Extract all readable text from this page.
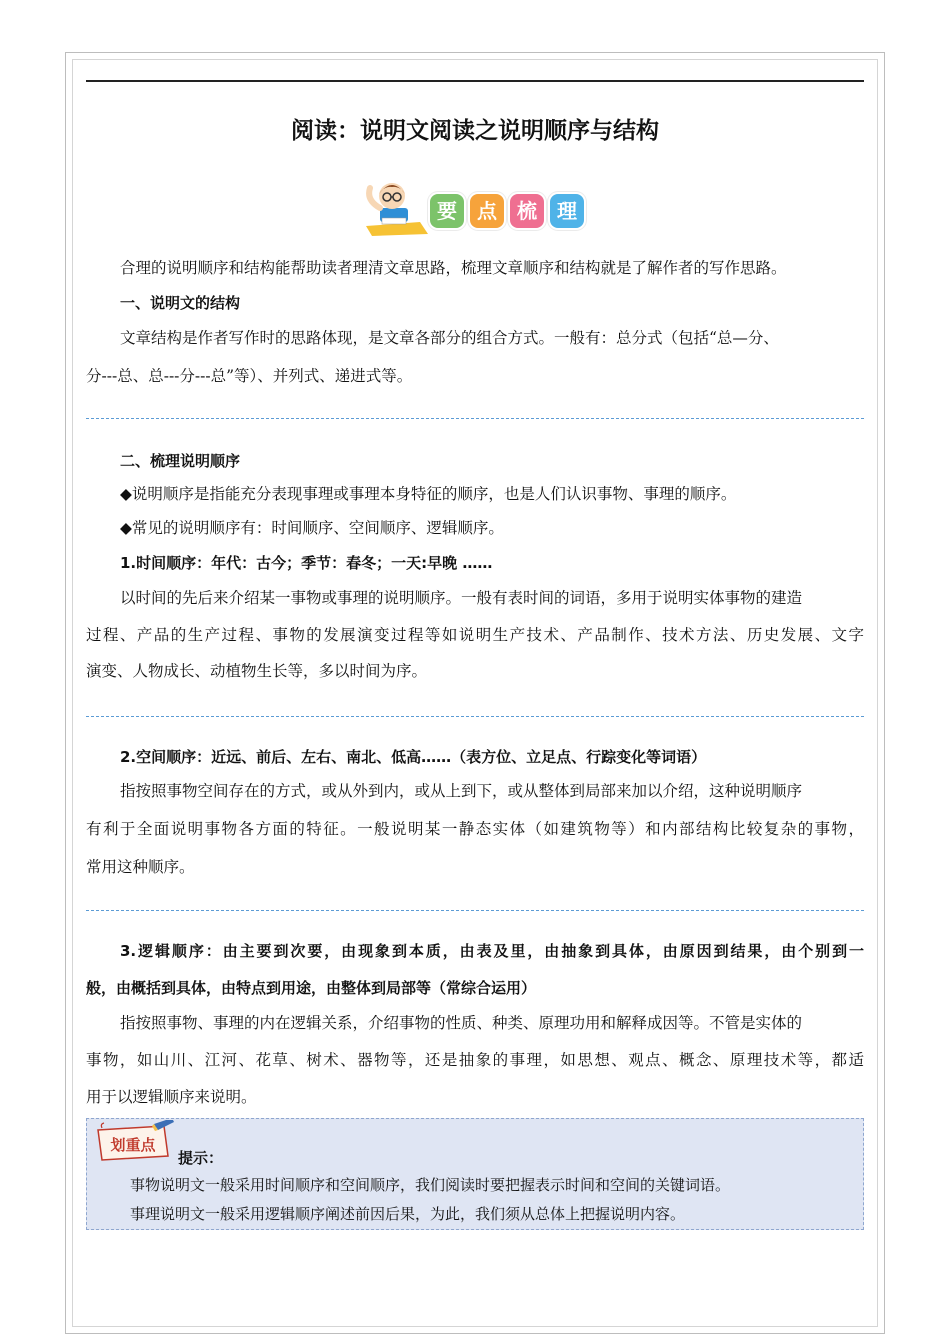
阅读：说明文阅读之说明顺序与结构
要	点	梳	理
合理的说明顺序和结构能帮助读者理清文章思路，梳理文章顺序和结构就是了解作者的写作思路。
一、说明文的结构
文章结构是作者写作时的思路体现，是文章各部分的组合方式。一般有：总分式（包括“总—分、
分---总、总---分---总”等）、并列式、递进式等。
二、梳理说明顺序
◆说明顺序是指能充分表现事理或事理本身特征的顺序，也是人们认识事物、事理的顺序。
◆常见的说明顺序有：时间顺序、空间顺序、逻辑顺序。
1.时间顺序：年代：古今；季节：春冬；一天:早晚 ……
以时间的先后来介绍某一事物或事理的说明顺序。一般有表时间的词语，多用于说明实体事物的建造
过程、产品的生产过程、事物的发展演变过程等如说明生产技术、产品制作、技术方法、历史发展、文字
演变、人物成长、动植物生长等，多以时间为序。
2.空间顺序：近远、前后、左右、南北、低高……（表方位、立足点、行踪变化等词语）
指按照事物空间存在的方式，或从外到内，或从上到下，或从整体到局部来加以介绍，这种说明顺序
有利于全面说明事物各方面的特征。一般说明某一静态实体（如建筑物等）和内部结构比较复杂的事物，
常用这种顺序。
3.逻辑顺序：由主要到次要，由现象到本质，由表及里，由抽象到具体，由原因到结果，由个别到一
般，由概括到具体，由特点到用途，由整体到局部等（常综合运用）
指按照事物、事理的内在逻辑关系，介绍事物的性质、种类、原理功用和解释成因等。不管是实体的
事物，如山川、江河、花草、树术、器物等，还是抽象的事理，如思想、观点、概念、原理技术等，都适
用于以逻辑顺序来说明。
划重点
提示：
事物说明文一般采用时间顺序和空间顺序，我们阅读时要把握表示时间和空间的关键词语。
事理说明文一般采用逻辑顺序阐述前因后果，为此，我们须从总体上把握说明内容。
